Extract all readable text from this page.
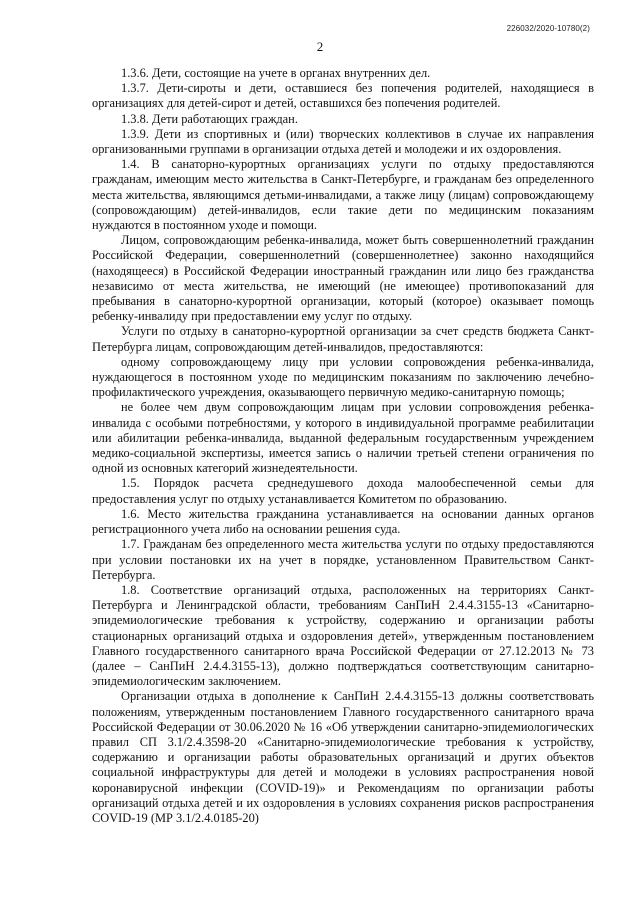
226032/2020-10780(2)
2

1.3.6. Дети, состоящие на учете в органах внутренних дел.

1.3.7. Дети-сироты и дети, оставшиеся без попечения родителей, находящиеся в организациях для детей-сирот и детей, оставшихся без попечения родителей.

1.3.8. Дети работающих граждан.

1.3.9. Дети из спортивных и (или) творческих коллективов в случае их направления организованными группами в организации отдыха детей и молодежи и их оздоровления.

1.4. В санаторно-курортных организациях услуги по отдыху предоставляются гражданам, имеющим место жительства в Санкт-Петербурге, и гражданам без определенного места жительства, являющимся детьми-инвалидами, а также лицу (лицам) сопровождающему (сопровождающим) детей-инвалидов, если такие дети по медицинским показаниям нуждаются в постоянном уходе и помощи.

Лицом, сопровождающим ребенка-инвалида, может быть совершеннолетний гражданин Российской Федерации, совершеннолетний (совершеннолетнее) законно находящийся (находящееся) в Российской Федерации иностранный гражданин или лицо без гражданства независимо от места жительства, не имеющий (не имеющее) противопоказаний для пребывания в санаторно-курортной организации, который (которое) оказывает помощь ребенку-инвалиду при предоставлении ему услуг по отдыху.

Услуги по отдыху в санаторно-курортной организации за счет средств бюджета Санкт-Петербурга лицам, сопровождающим детей-инвалидов, предоставляются:

одному сопровождающему лицу при условии сопровождения ребенка-инвалида, нуждающегося в постоянном уходе по медицинским показаниям по заключению лечебно-профилактического учреждения, оказывающего первичную медико-санитарную помощь;

не более чем двум сопровождающим лицам при условии сопровождения ребенка-инвалида с особыми потребностями, у которого в индивидуальной программе реабилитации или абилитации ребенка-инвалида, выданной федеральным государственным учреждением медико-социальной экспертизы, имеется запись о наличии третьей степени ограничения по одной из основных категорий жизнедеятельности.

1.5. Порядок расчета среднедушевого дохода малообеспеченной семьи для предоставления услуг по отдыху устанавливается Комитетом по образованию.

1.6. Место жительства гражданина устанавливается на основании данных органов регистрационного учета либо на основании решения суда.

1.7. Гражданам без определенного места жительства услуги по отдыху предоставляются при условии постановки их на учет в порядке, установленном Правительством Санкт-Петербурга.

1.8. Соответствие организаций отдыха, расположенных на территориях Санкт-Петербурга и Ленинградской области, требованиям СанПиН 2.4.4.3155-13 «Санитарно-эпидемиологические требования к устройству, содержанию и организации работы стационарных организаций отдыха и оздоровления детей», утвержденным постановлением Главного государственного санитарного врача Российской Федерации от 27.12.2013 № 73 (далее – СанПиН 2.4.4.3155-13), должно подтверждаться соответствующим санитарно-эпидемиологическим заключением.

Организации отдыха в дополнение к СанПиН 2.4.4.3155-13 должны соответствовать положениям, утвержденным постановлением Главного государственного санитарного врача Российской Федерации от 30.06.2020 № 16 «Об утверждении санитарно-эпидемиологических правил СП 3.1/2.4.3598-20 «Санитарно-эпидемиологические требования к устройству, содержанию и организации работы образовательных организаций и других объектов социальной инфраструктуры для детей и молодежи в условиях распространения новой коронавирусной инфекции (COVID-19)» и Рекомендациям по организации работы организаций отдыха детей и их оздоровления в условиях сохранения рисков распространения COVID-19 (МР 3.1/2.4.0185-20)
